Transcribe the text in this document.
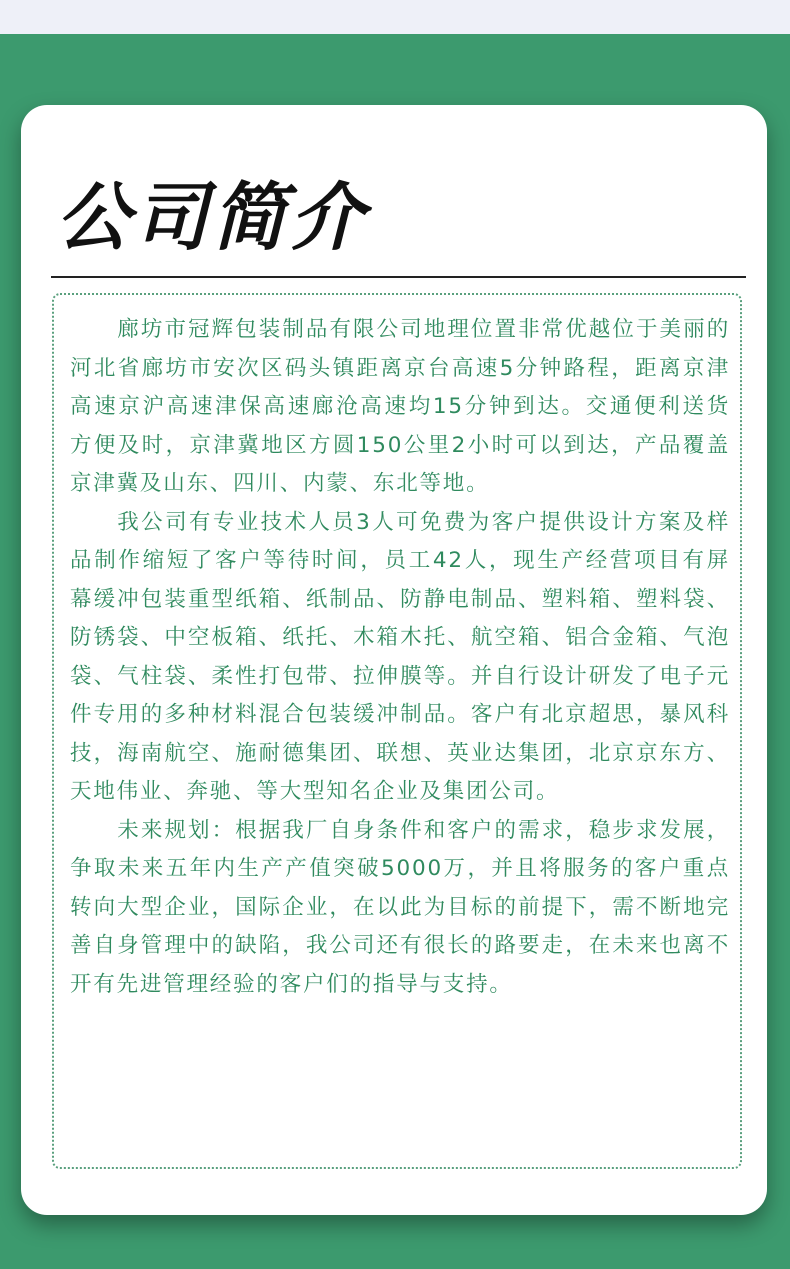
公司简介

廊坊市冠辉包装制品有限公司地理位置非常优越位于美丽的河北省廊坊市安次区码头镇距离京台高速5分钟路程，距离京津高速京沪高速津保高速廊沧高速均15分钟到达。交通便利送货方便及时，京津冀地区方圆150公里2小时可以到达，产品覆盖京津冀及山东、四川、内蒙、东北等地。

我公司有专业技术人员3人可免费为客户提供设计方案及样品制作缩短了客户等待时间，员工42人，现生产经营项目有屏幕缓冲包装重型纸箱、纸制品、防静电制品、塑料箱、塑料袋、防锈袋、中空板箱、纸托、木箱木托、航空箱、铝合金箱、气泡袋、气柱袋、柔性打包带、拉伸膜等。并自行设计研发了电子元件专用的多种材料混合包装缓冲制品。客户有北京超思，暴风科技，海南航空、施耐德集团、联想、英业达集团，北京京东方、天地伟业、奔驰、等大型知名企业及集团公司。

未来规划：根据我厂自身条件和客户的需求，稳步求发展，争取未来五年内生产产值突破5000万，并且将服务的客户重点转向大型企业，国际企业，在以此为目标的前提下，需不断地完善自身管理中的缺陷，我公司还有很长的路要走，在未来也离不开有先进管理经验的客户们的指导与支持。
